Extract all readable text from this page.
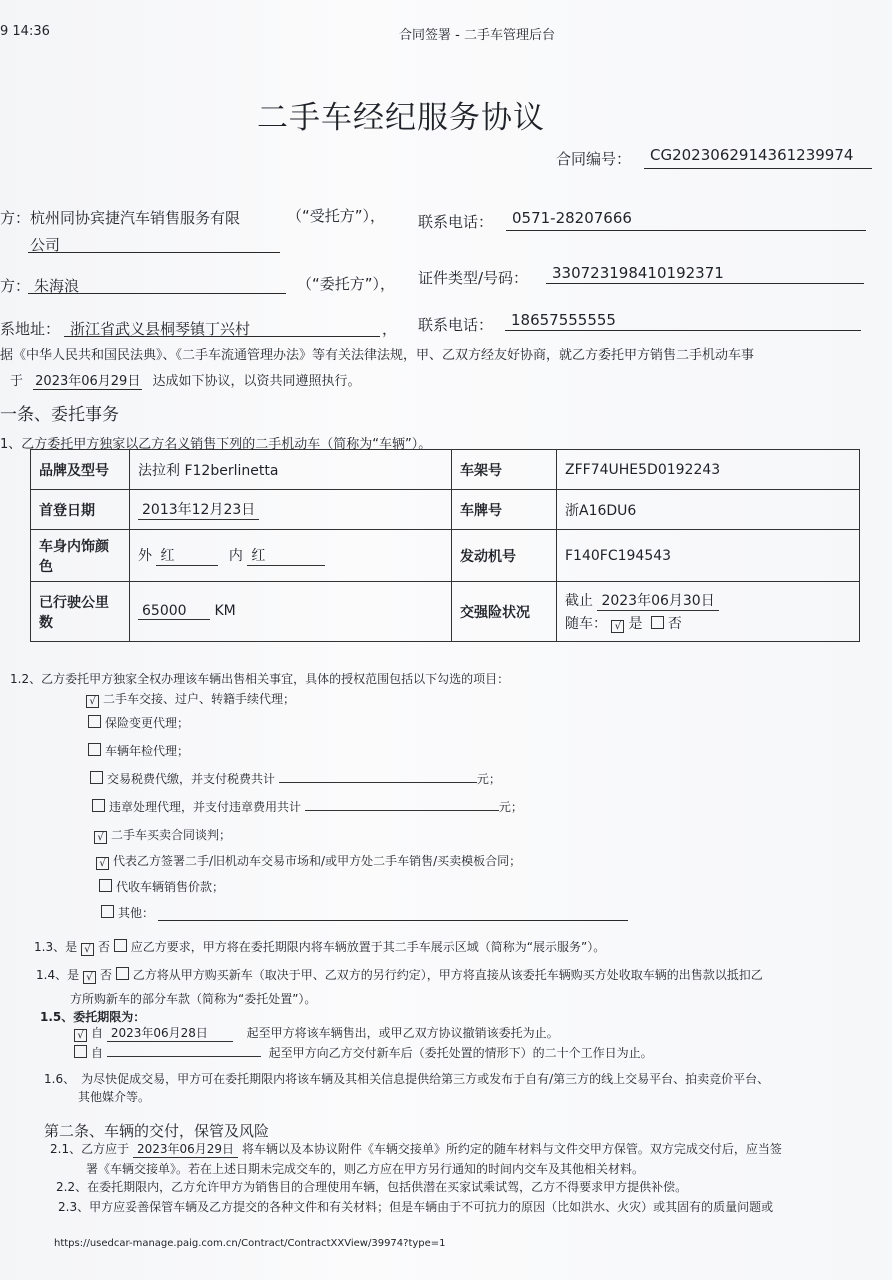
9 14:36	合同签署 - 二手车管理后台
二手车经纪服务协议
合同编号： CG2023062914361239974
方： 杭州同协宾捷汽车销售服务有限
公司
（“受托方”）， 联系电话： 0571-28207666
方： 朱海浪	（“委托方”）， 证件类型/号码： 33072319841019237​1
系地址： 浙江省武义县桐琴镇丁兴村	， 联系电话： 18657555555
据《中华人民共和国民法典》、《二手车流通管理办法》等有关法律法规，甲、乙双方经友好协商，就乙方委托甲方销售二手机动车事
于 2023年06月29日 达成如下协议，以资共同遵照执行。
一条、委托事务
1、乙方委托甲方独家以乙方名义销售下列的二手机动车（简称为“车辆”）。
品牌及型号	法拉利 F12berlinetta	车架号	ZFF74UHE5D0192243
首登日期	2013年12月23日	车牌号	浙A16DU6
车身内饰颜色	外 红 内 红	发动机号	F140FC194543
已行驶公里数	65000 KM	交强险状况	截止 2023年06月30日
随车： √ 是 否
1.2、乙方委托甲方独家全权办理该车辆出售相关事宜，具体的授权范围包括以下勾选的项目：
√ 二手车交接、过户、转籍手续代理；
保险变更代理；
车辆年检代理；
交易税费代缴，并支付税费共计	元；
违章处理代理，并支付违章费用共计	元；
√ 二手车买卖合同谈判；
√ 代表乙方签署二手/旧机动车交易市场和/或甲方处二手车销售/买卖模板合同；
代收车辆销售价款；
其他：
1.3、是 √ 否 应乙方要求，甲方将在委托期限内将车辆放置于其二手车展示区域（简称为“展示服务”）。
1.4、是 √ 否 乙方将从甲方购买新车（取决于甲、乙双方的另行约定），甲方将直接从该委托车辆购买方处收取车辆的出售款以抵扣乙
方所购新车的部分车款（简称为“委托处置”）。
1.5、委托期限为：
√ 自 2023年06月28日	起至甲方将该车辆售出，或甲乙双方协议撤销该委托为止。
自	起至甲方向乙方交付新车后（委托处置的情形下）的二十个工作日为止。
1.6、 为尽快促成交易，甲方可在委托期限内将该车辆及其相关信息提供给第三方或发布于自有/第三方的线上交易平台、拍卖竞价平台、
其他媒介等。
第二条、车辆的交付，保管及风险
2.1、乙方应于 2023年06月29日 将车辆以及本协议附件《车辆交接单》所约定的随车材料与文件交甲方保管。双方完成交付后，应当签
署《车辆交接单》。若在上述日期未完成交车的，则乙方应在甲方另行通知的时间内交车及其他相关材料。
2.2、在委托期限内，乙方允许甲方为销售目的合理使用车辆，包括供潜在买家试乘试驾，乙方不得要求甲方提供补偿。
2.3、甲方应妥善保管车辆及乙方提交的各种文件和有关材料；但是车辆由于不可抗力的原因（比如洪水、火灾）或其固有的质量问题或
https://usedcar-manage.paig.com.cn/Contract/ContractXXView/39974?type=1
